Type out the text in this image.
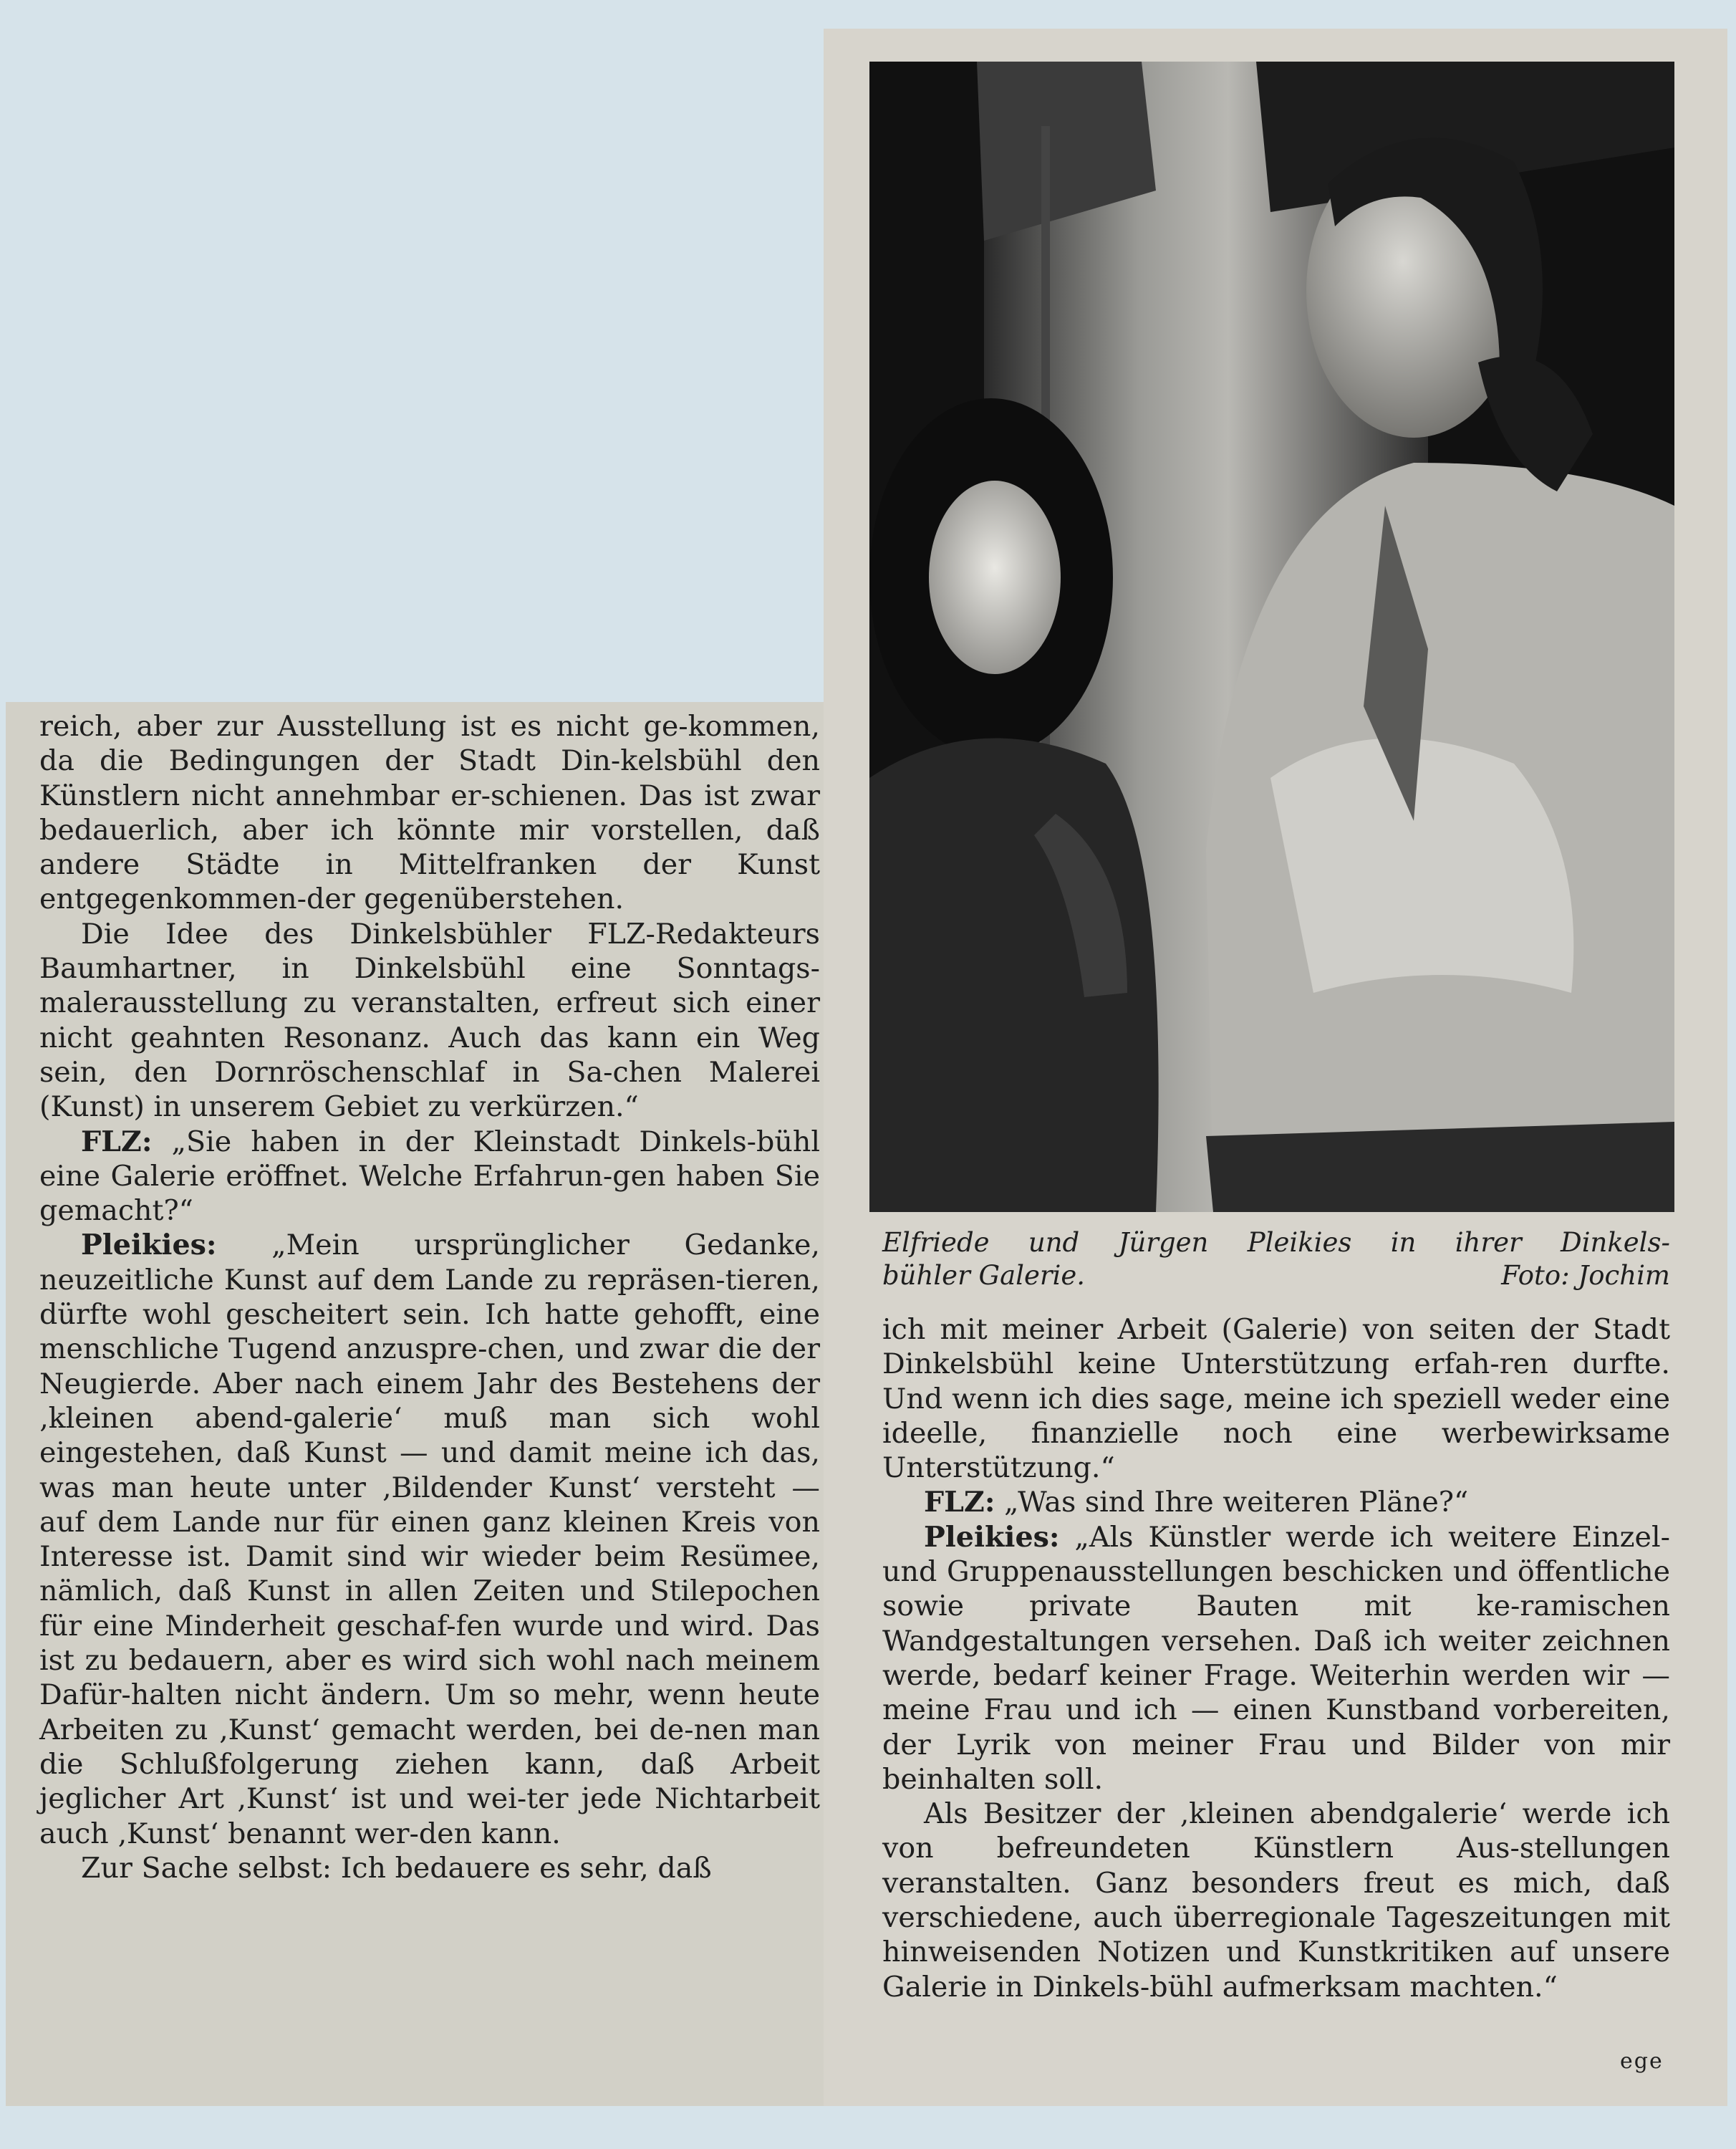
Elfriede und Jürgen Pleikies in ihrer Dinkels-
bühler Galerie.	Foto: Jochim

reich, aber zur Ausstellung ist es nicht ge-kommen, da die Bedingungen der Stadt Din-kelsbühl den Künstlern nicht annehmbar er-schienen. Das ist zwar bedauerlich, aber ich könnte mir vorstellen, daß andere Städte in Mittelfranken der Kunst entgegenkommen-der gegenüberstehen.

Die Idee des Dinkelsbühler FLZ-Redakteurs Baumhartner, in Dinkelsbühl eine Sonntags-malerausstellung zu veranstalten, erfreut sich einer nicht geahnten Resonanz. Auch das kann ein Weg sein, den Dornröschenschlaf in Sa-chen Malerei (Kunst) in unserem Gebiet zu verkürzen.“

FLZ: „Sie haben in der Kleinstadt Dinkels-bühl eine Galerie eröffnet. Welche Erfahrun-gen haben Sie gemacht?“

Pleikies: „Mein ursprünglicher Gedanke, neuzeitliche Kunst auf dem Lande zu repräsen-tieren, dürfte wohl gescheitert sein. Ich hatte gehofft, eine menschliche Tugend anzuspre-chen, und zwar die der Neugierde. Aber nach einem Jahr des Bestehens der ‚kleinen abend-galerie‘ muß man sich wohl eingestehen, daß Kunst — und damit meine ich das, was man heute unter ‚Bildender Kunst‘ versteht — auf dem Lande nur für einen ganz kleinen Kreis von Interesse ist. Damit sind wir wieder beim Resümee, nämlich, daß Kunst in allen Zeiten und Stilepochen für eine Minderheit geschaf-fen wurde und wird. Das ist zu bedauern, aber es wird sich wohl nach meinem Dafür-halten nicht ändern. Um so mehr, wenn heute Arbeiten zu ‚Kunst‘ gemacht werden, bei de-nen man die Schlußfolgerung ziehen kann, daß Arbeit jeglicher Art ‚Kunst‘ ist und wei-ter jede Nichtarbeit auch ‚Kunst‘ benannt wer-den kann.

Zur Sache selbst: Ich bedauere es sehr, daß

ich mit meiner Arbeit (Galerie) von seiten der Stadt Dinkelsbühl keine Unterstützung erfah-ren durfte. Und wenn ich dies sage, meine ich speziell weder eine ideelle, finanzielle noch eine werbewirksame Unterstützung.“

FLZ: „Was sind Ihre weiteren Pläne?“

Pleikies: „Als Künstler werde ich weitere Einzel- und Gruppenausstellungen beschicken und öffentliche sowie private Bauten mit ke-ramischen Wandgestaltungen versehen. Daß ich weiter zeichnen werde, bedarf keiner Frage. Weiterhin werden wir — meine Frau und ich — einen Kunstband vorbereiten, der Lyrik von meiner Frau und Bilder von mir beinhalten soll.

Als Besitzer der ‚kleinen abendgalerie‘ werde ich von befreundeten Künstlern Aus-stellungen veranstalten. Ganz besonders freut es mich, daß verschiedene, auch überregionale Tageszeitungen mit hinweisenden Notizen und Kunstkritiken auf unsere Galerie in Dinkels-bühl aufmerksam machten.“

ege
